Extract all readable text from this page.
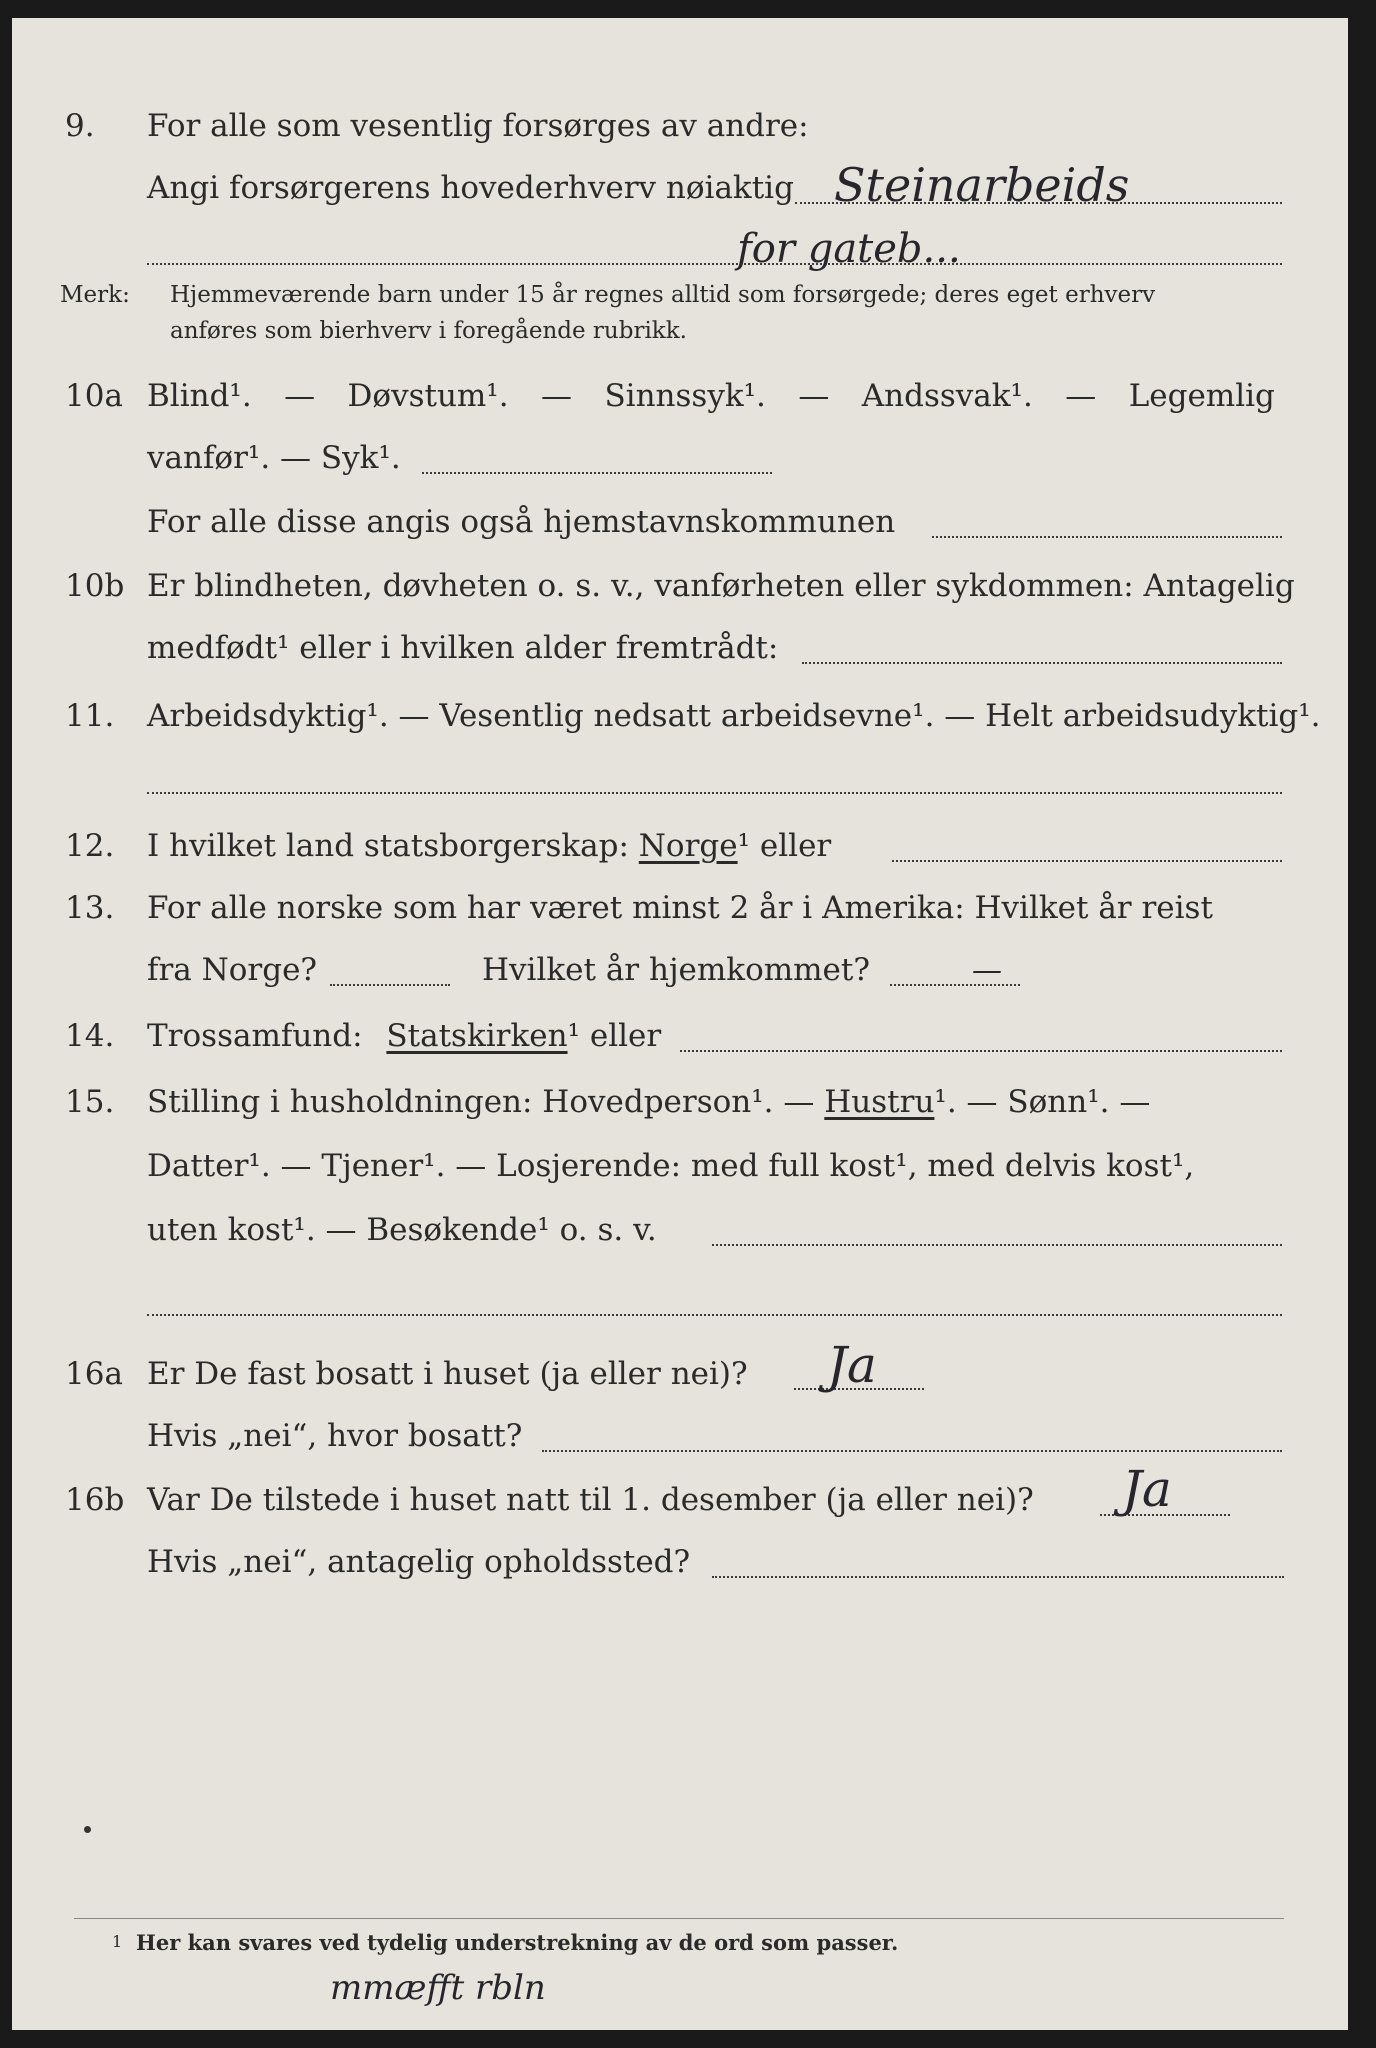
9. For alle som vesentlig forsørges av andre:
Angi forsørgerens hovederhverv nøiaktig Steinarbeids
for gateb...
Merk: Hjemmeværende barn under 15 år regnes alltid som forsørgede; deres eget erhverv
anføres som bierhverv i foregående rubrikk.
10a Blind¹. — Døvstum¹. — Sinnssyk¹. — Andssvak¹. — Legemlig
vanfør¹. — Syk¹.
For alle disse angis også hjemstavnskommunen
10b Er blindheten, døvheten o. s. v., vanførheten eller sykdommen: Antagelig
medfødt¹ eller i hvilken alder fremtrådt:
11. Arbeidsdyktig¹. — Vesentlig nedsatt arbeidsevne¹. — Helt arbeidsudyktig¹.
12. I hvilket land statsborgerskap: Norge¹ eller
13. For alle norske som har været minst 2 år i Amerika: Hvilket år reist
fra Norge?	Hvilket år hjemkommet?	—
14. Trossamfund: Statskirken¹ eller
15. Stilling i husholdningen: Hovedperson¹. — Hustru¹. — Sønn¹. —
Datter¹. — Tjener¹. — Losjerende: med full kost¹, med delvis kost¹,
uten kost¹. — Besøkende¹ o. s. v.
16a Er De fast bosatt i huset (ja eller nei)? Ja
Hvis „nei“, hvor bosatt?
16b Var De tilstede i huset natt til 1. desember (ja eller nei)? Ja
Hvis „nei“, antagelig opholdssted?
1 Her kan svares ved tydelig understrekning av de ord som passer.
mmæfft rbln
